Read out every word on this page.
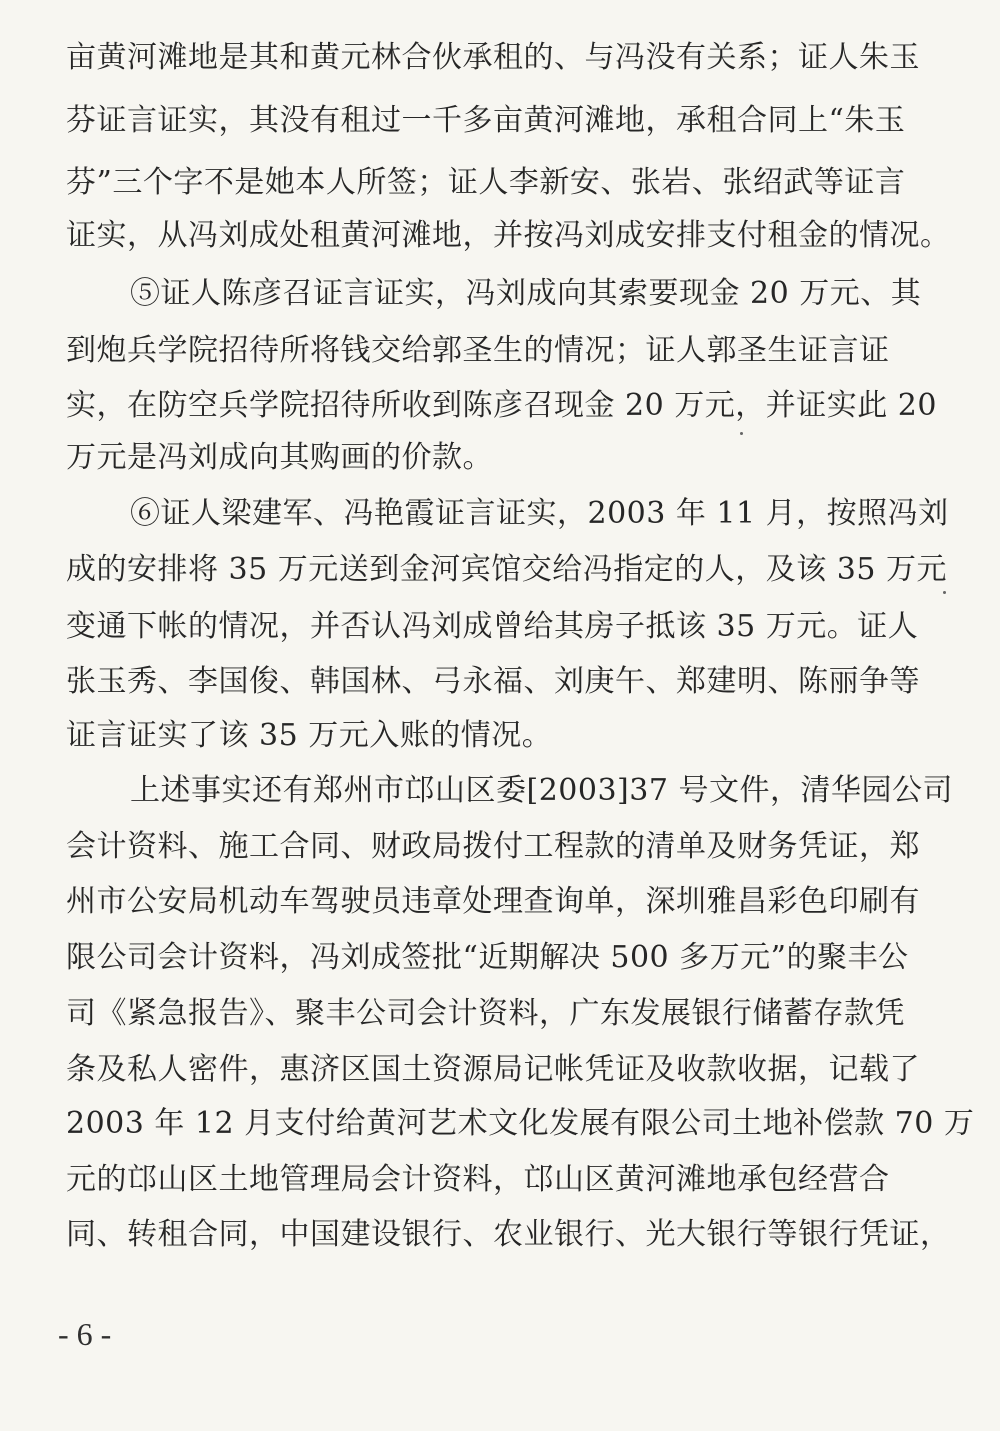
亩黄河滩地是其和黄元林合伙承租的、与冯没有关系；证人朱玉
芬证言证实，其没有租过一千多亩黄河滩地，承租合同上“朱玉
芬”三个字不是她本人所签；证人李新安、张岩、张绍武等证言
证实，从冯刘成处租黄河滩地，并按冯刘成安排支付租金的情况。
⑤证人陈彦召证言证实，冯刘成向其索要现金 20 万元、其
到炮兵学院招待所将钱交给郭圣生的情况；证人郭圣生证言证
实，在防空兵学院招待所收到陈彦召现金 20 万元，并证实此 20
万元是冯刘成向其购画的价款。
⑥证人梁建军、冯艳霞证言证实，2003 年 11 月，按照冯刘
成的安排将 35 万元送到金河宾馆交给冯指定的人，及该 35 万元
变通下帐的情况，并否认冯刘成曾给其房子抵该 35 万元。证人
张玉秀、李国俊、韩国林、弓永福、刘庚午、郑建明、陈丽争等
证言证实了该 35 万元入账的情况。
上述事实还有郑州市邙山区委[2003]37 号文件，清华园公司
会计资料、施工合同、财政局拨付工程款的清单及财务凭证，郑
州市公安局机动车驾驶员违章处理查询单，深圳雅昌彩色印刷有
限公司会计资料，冯刘成签批“近期解决 500 多万元”的聚丰公
司《紧急报告》、聚丰公司会计资料，广东发展银行储蓄存款凭
条及私人密件，惠济区国土资源局记帐凭证及收款收据，记载了
2003 年 12 月支付给黄河艺术文化发展有限公司土地补偿款 70 万
元的邙山区土地管理局会计资料，邙山区黄河滩地承包经营合
同、转租合同，中国建设银行、农业银行、光大银行等银行凭证，
- 6 -
